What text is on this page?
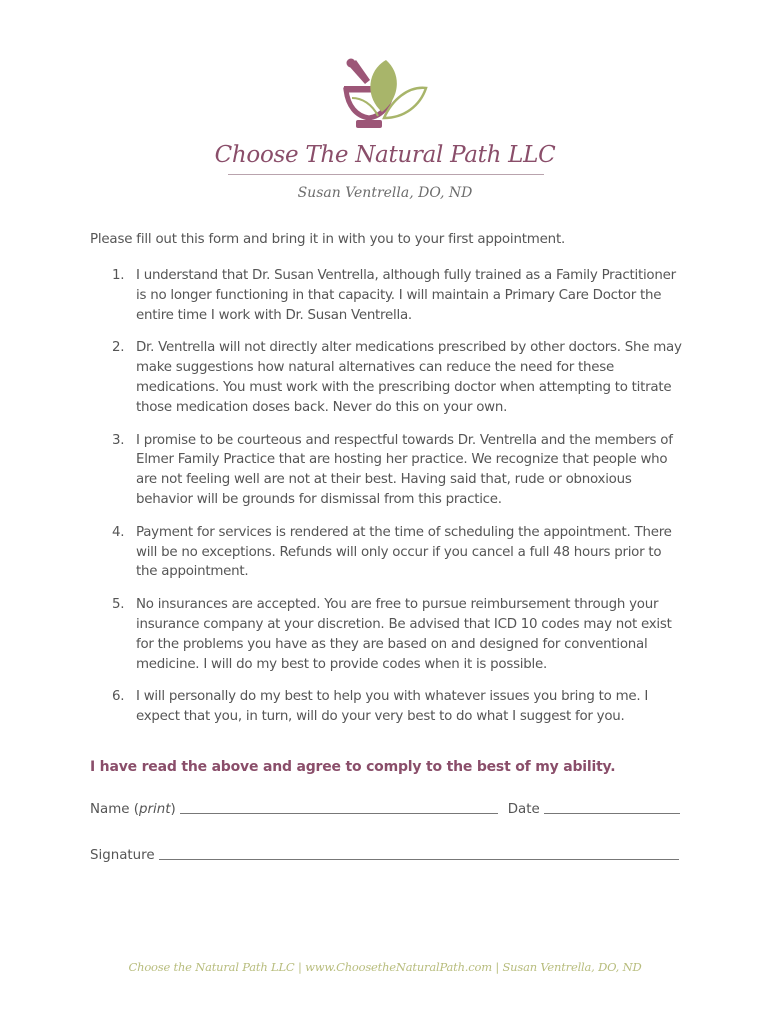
Choose The Natural Path LLC
Susan Ventrella, DO, ND
Please fill out this form and bring it in with you to your first appointment.
1. I understand that Dr. Susan Ventrella, although fully trained as a Family Practitioner is no longer functioning in that capacity. I will maintain a Primary Care Doctor the entire time I work with Dr. Susan Ventrella.
2. Dr. Ventrella will not directly alter medications prescribed by other doctors. She may make suggestions how natural alternatives can reduce the need for these medications. You must work with the prescribing doctor when attempting to titrate those medication doses back. Never do this on your own.
3. I promise to be courteous and respectful towards Dr. Ventrella and the members of Elmer Family Practice that are hosting her practice. We recognize that people who are not feeling well are not at their best. Having said that, rude or obnoxious behavior will be grounds for dismissal from this practice.
4. Payment for services is rendered at the time of scheduling the appointment. There will be no exceptions. Refunds will only occur if you cancel a full 48 hours prior to the appointment.
5. No insurances are accepted. You are free to pursue reimbursement through your insurance company at your discretion. Be advised that ICD 10 codes may not exist for the problems you have as they are based on and designed for conventional medicine. I will do my best to provide codes when it is possible.
6. I will personally do my best to help you with whatever issues you bring to me. I expect that you, in turn, will do your very best to do what I suggest for you.
I have read the above and agree to comply to the best of my ability.
Name (print)	Date
Signature
Choose the Natural Path LLC | www.ChoosetheNaturalPath.com | Susan Ventrella, DO, ND
